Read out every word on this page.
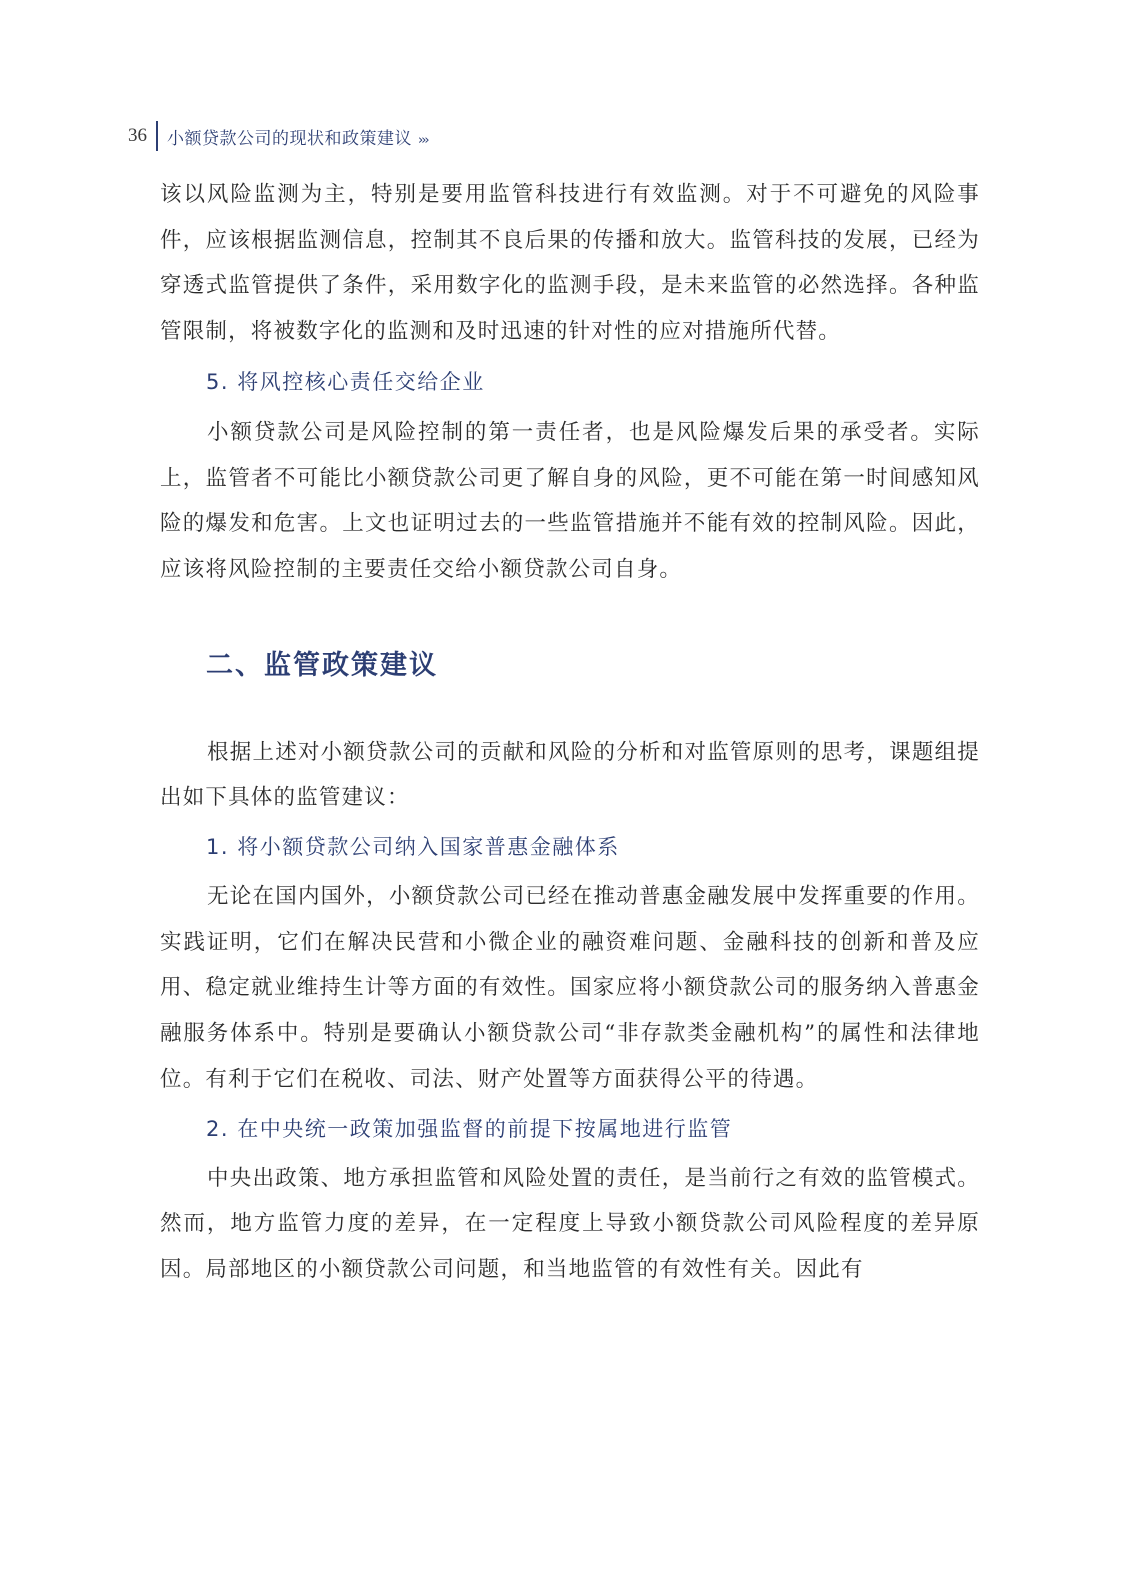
36	小额贷款公司的现状和政策建议 ›››

该以风险监测为主，特别是要用监管科技进行有效监测。对于不可避免的风险事件，应该根据监测信息，控制其不良后果的传播和放大。监管科技的发展，已经为穿透式监管提供了条件，采用数字化的监测手段，是未来监管的必然选择。各种监管限制，将被数字化的监测和及时迅速的针对性的应对措施所代替。

5. 将风控核心责任交给企业

小额贷款公司是风险控制的第一责任者，也是风险爆发后果的承受者。实际上，监管者不可能比小额贷款公司更了解自身的风险，更不可能在第一时间感知风险的爆发和危害。上文也证明过去的一些监管措施并不能有效的控制风险。因此，应该将风险控制的主要责任交给小额贷款公司自身。

二、监管政策建议

根据上述对小额贷款公司的贡献和风险的分析和对监管原则的思考，课题组提出如下具体的监管建议：

1. 将小额贷款公司纳入国家普惠金融体系

无论在国内国外，小额贷款公司已经在推动普惠金融发展中发挥重要的作用。实践证明，它们在解决民营和小微企业的融资难问题、金融科技的创新和普及应用、稳定就业维持生计等方面的有效性。国家应将小额贷款公司的服务纳入普惠金融服务体系中。特别是要确认小额贷款公司“非存款类金融机构”的属性和法律地位。有利于它们在税收、司法、财产处置等方面获得公平的待遇。

2. 在中央统一政策加强监督的前提下按属地进行监管

中央出政策、地方承担监管和风险处置的责任，是当前行之有效的监管模式。然而，地方监管力度的差异，在一定程度上导致小额贷款公司风险程度的差异原因。局部地区的小额贷款公司问题，和当地监管的有效性有关。因此有
